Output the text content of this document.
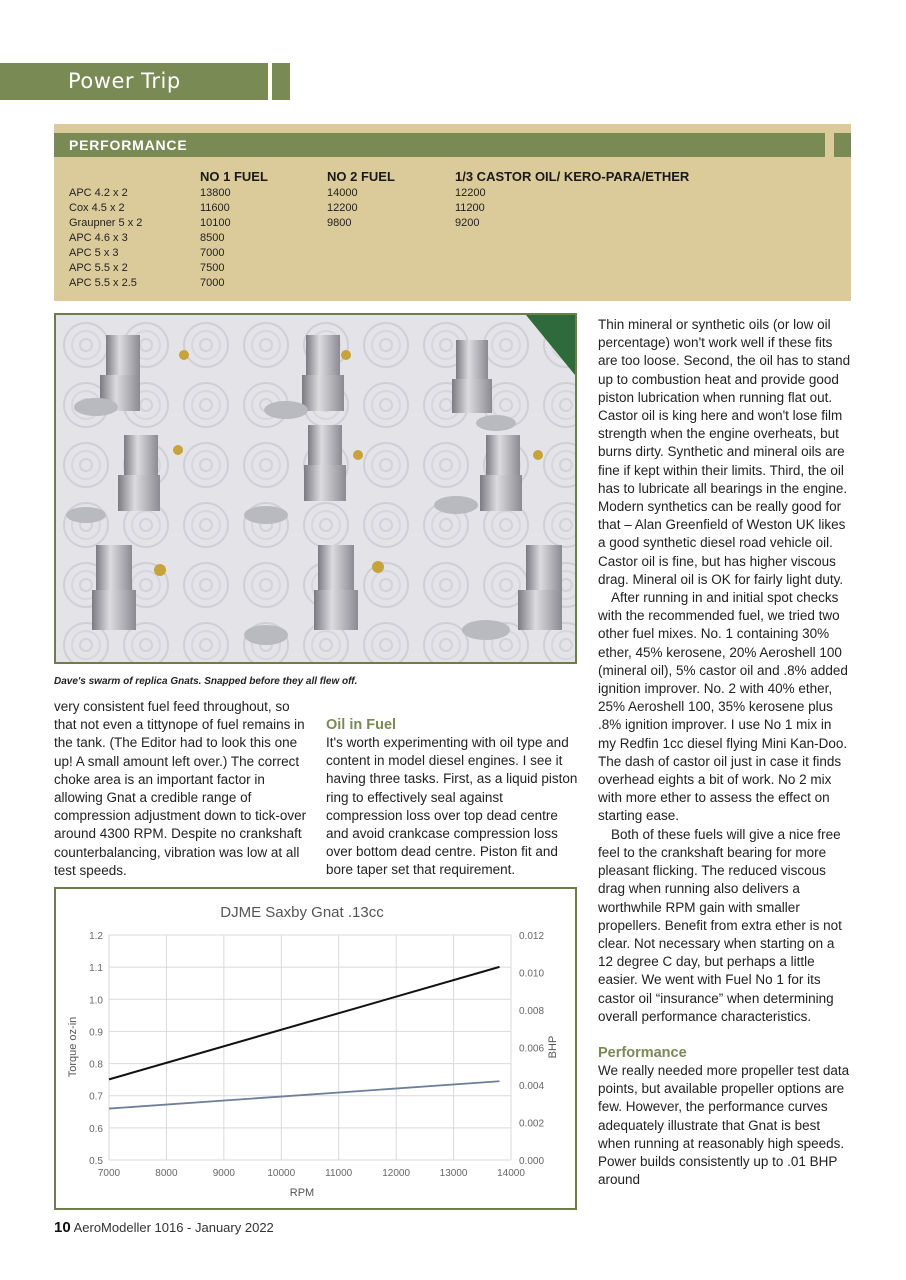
Power Trip
PERFORMANCE
	NO 1 FUEL	NO 2 FUEL	1/3 CASTOR OIL/ KERO-PARA/ETHER
APC 4.2 x 2	13800	14000	12200
Cox 4.5 x 2	11600	12200	11200
Graupner 5 x 2	10100	9800	9200
APC 4.6 x 3	8500		
APC 5 x 3	7000		
APC 5.5 x 2	7500		
APC 5.5 x 2.5	7000		
Dave's swarm of replica Gnats. Snapped before they all flew off.

very consistent fuel feed throughout, so that not even a tittynope of fuel remains in the tank. (The Editor had to look this one up! A small amount left over.) The correct choke area is an important factor in allowing Gnat a credible range of compression adjustment down to tick-over around 4300 RPM. Despite no crankshaft counterbalancing, vibration was low at all test speeds.

Oil in Fuel

It's worth experimenting with oil type and content in model diesel engines. I see it having three tasks. First, as a liquid piston ring to effectively seal against compression loss over top dead centre and avoid crankcase compression loss over bottom dead centre. Piston fit and bore taper set that requirement.

Thin mineral or synthetic oils (or low oil percentage) won't work well if these fits are too loose. Second, the oil has to stand up to combustion heat and provide good piston lubrication when running flat out. Castor oil is king here and won't lose film strength when the engine overheats, but burns dirty. Synthetic and mineral oils are fine if kept within their limits. Third, the oil has to lubricate all bearings in the engine. Modern synthetics can be really good for that – Alan Greenfield of Weston UK likes a good synthetic diesel road vehicle oil. Castor oil is fine, but has higher viscous drag. Mineral oil is OK for fairly light duty.

After running in and initial spot checks with the recommended fuel, we tried two other fuel mixes. No. 1 containing 30% ether, 45% kerosene, 20% Aeroshell 100 (mineral oil), 5% castor oil and .8% added ignition improver. No. 2 with 40% ether, 25% Aeroshell 100, 35% kerosene plus .8% ignition improver. I use No 1 mix in my Redfin 1cc diesel flying Mini Kan-Doo. The dash of castor oil just in case it finds overhead eights a bit of work. No 2 mix with more ether to assess the effect on starting ease.

Both of these fuels will give a nice free feel to the crankshaft bearing for more pleasant flicking. The reduced viscous drag when running also delivers a worthwhile RPM gain with smaller propellers. Benefit from extra ether is not clear. Not necessary when starting on a 12 degree C day, but perhaps a little easier. We went with Fuel No 1 for its castor oil “insurance” when determining overall performance characteristics.

Performance

We really needed more propeller test data points, but available propeller options are few. However, the performance curves adequately illustrate that Gnat is best when running at reasonably high speeds. Power builds consistently up to .01 BHP around

DJME Saxby Gnat .13cc
0.5
0.6
0.7
0.8
0.9
1.0
1.1
1.2
7000	8000	9000	10000	11000	12000	13000	14000
0.000
0.002
0.004
0.006
0.008
0.010
0.012
RPM
Torque oz-in	BHP
10 AeroModeller 1016 - January 2022
